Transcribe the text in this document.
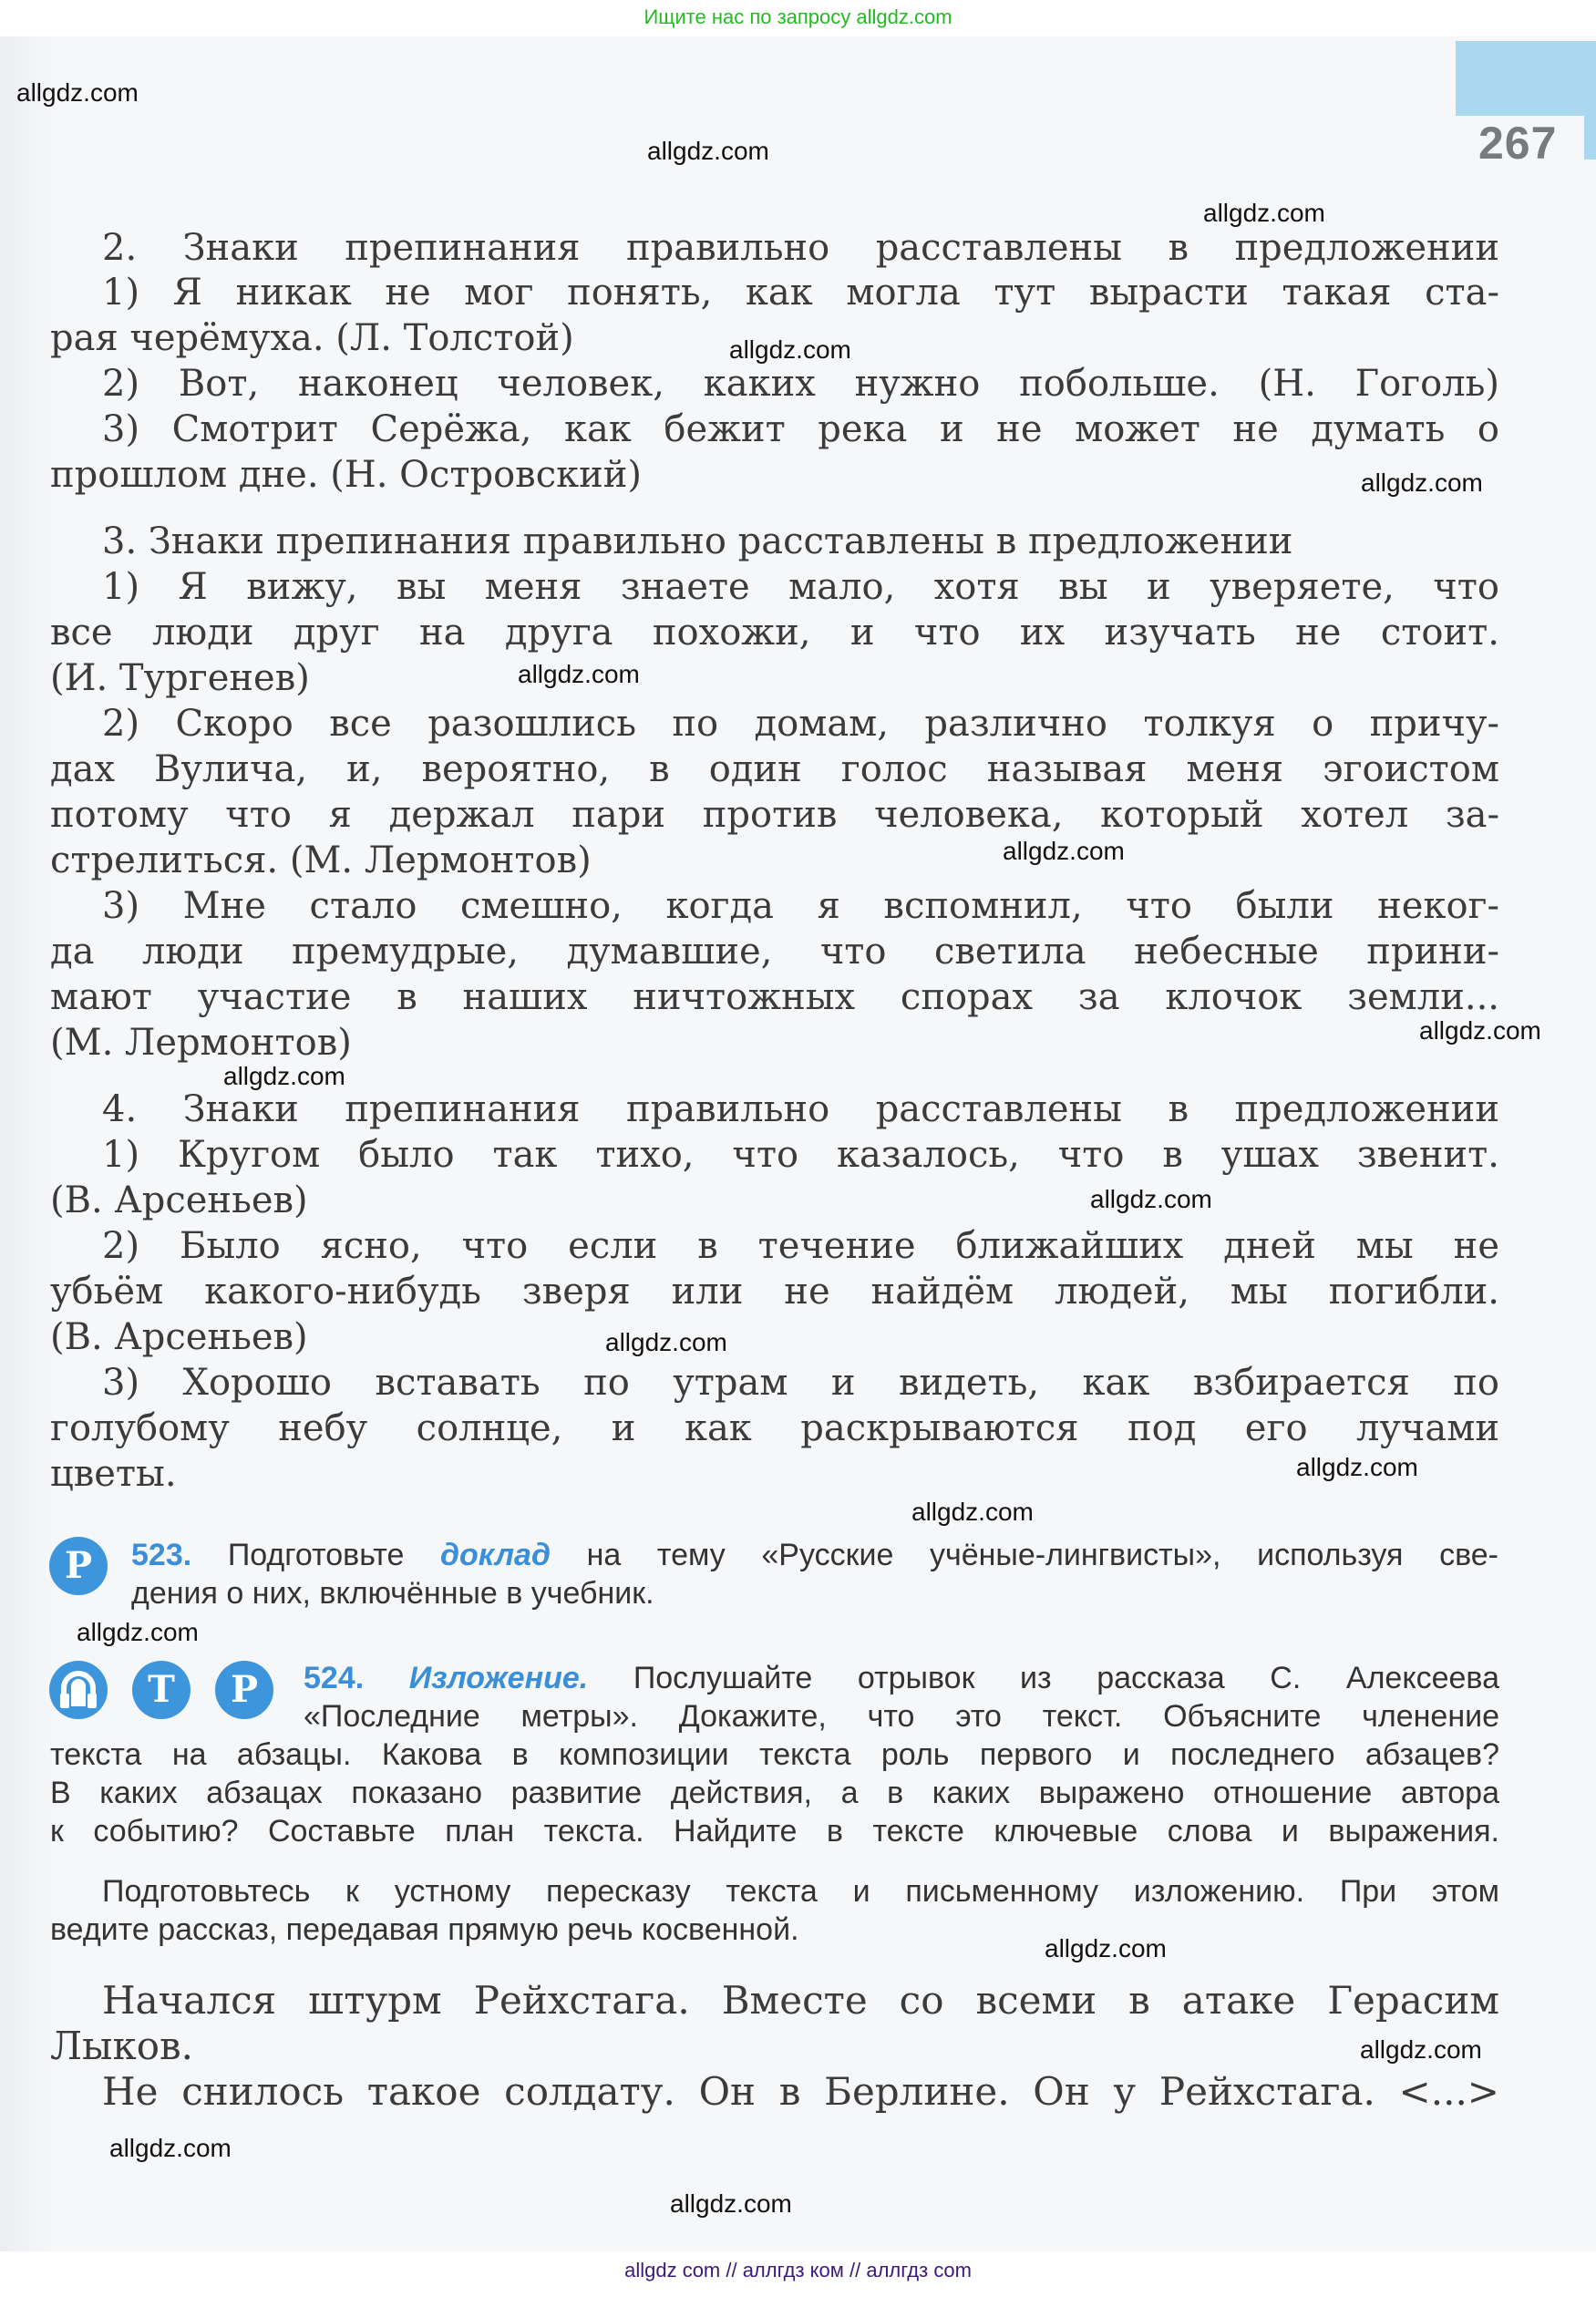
Ищите нас по запросу allgdz.com
267
2. Знаки препинания правильно расставлены в предложении
1) Я никак не мог понять, как могла тут вырасти такая ста-
рая черёмуха. (Л. Толстой)
2) Вот, наконец человек, каких нужно побольше. (Н. Гоголь)
3) Смотрит Серёжа, как бежит река и не может не думать о
прошлом дне. (Н. Островский)
3. Знаки препинания правильно расставлены в предложении
1) Я вижу, вы меня знаете мало, хотя вы и уверяете, что
все люди друг на друга похожи, и что их изучать не стоит.
(И. Тургенев)
2) Скоро все разошлись по домам, различно толкуя о причу-
дах Вулича, и, вероятно, в один голос называя меня эгоистом
потому что я держал пари против человека, который хотел за-
стрелиться. (М. Лермонтов)
3) Мне стало смешно, когда я вспомнил, что были неког-
да люди премудрые, думавшие, что светила небесные прини-
мают участие в наших ничтожных спорах за клочок земли...
(М. Лермонтов)
4. Знаки препинания правильно расставлены в предложении
1) Кругом было так тихо, что казалось, что в ушах звенит.
(В. Арсеньев)
2) Было ясно, что если в течение ближайших дней мы не
убьём какого-нибудь зверя или не найдём людей, мы погибли.
(В. Арсеньев)
3) Хорошо вставать по утрам и видеть, как взбирается по
голубому небу солнце, и как раскрываются под его лучами
цветы.
Р	523. Подготовьте доклад на тему «Русские учёные-лингвисты», используя све-
дения о них, включённые в учебник.
Т	Р	524. Изложение. Послушайте отрывок из рассказа С. Алексеева
«Последние метры». Докажите, что это текст. Объясните членение
текста на абзацы. Какова в композиции текста роль первого и последнего абзацев?
В каких абзацах показано развитие действия, а в каких выражено отношение автора
к событию? Составьте план текста. Найдите в тексте ключевые слова и выражения.
Подготовьтесь к устному пересказу текста и письменному изложению. При этом
ведите рассказ, передавая прямую речь косвенной.
Начался штурм Рейхстага. Вместе со всеми в атаке Герасим
Лыков.
Не снилось такое солдату. Он в Берлине. Он у Рейхстага. <...>
allgdz.com
allgdz.com
allgdz.com
allgdz.com
allgdz.com
allgdz.com
allgdz.com
allgdz.com
allgdz.com
allgdz.com
allgdz.com
allgdz.com
allgdz.com
allgdz.com
allgdz.com
allgdz.com
allgdz.com
allgdz.com
allgdz com // аллгдз ком // аллгдз com
